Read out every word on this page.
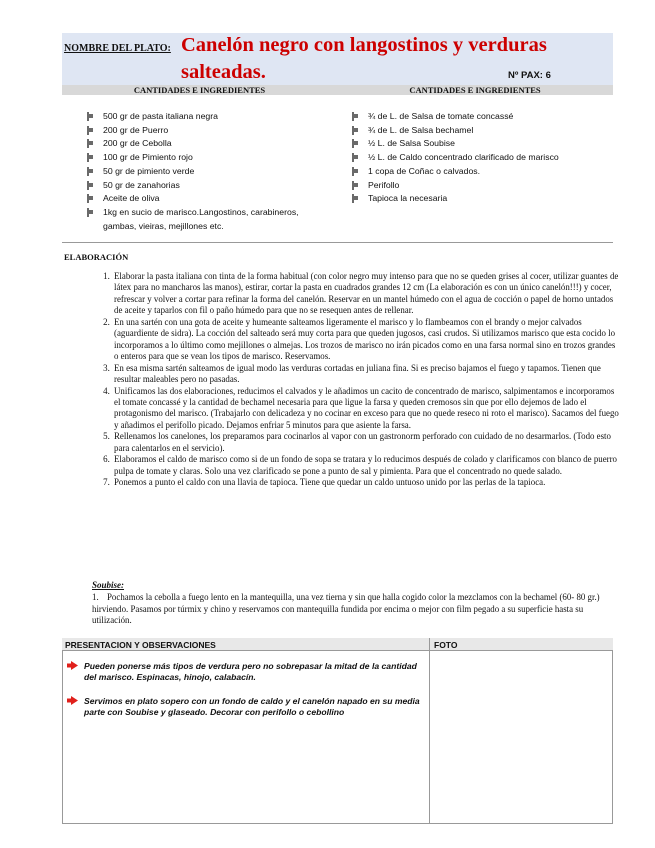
NOMBRE DEL PLATO: Canelón negro con langostinos y verduras salteadas.	Nº PAX: 6
CANTIDADES E INGREDIENTES	CANTIDADES E INGREDIENTES
500 gr de pasta italiana negra
200 gr de Puerro
200 gr de Cebolla
100 gr de Pimiento rojo
50 gr de pimiento verde
50 gr de zanahorias
Aceite de oliva
1kg en sucio de marisco.Langostinos, carabineros, gambas, vieiras, mejillones etc.
¾ de L. de Salsa de tomate concassé
¾ de L. de Salsa bechamel
½ L. de Salsa Soubise
½ L. de Caldo concentrado clarificado de marisco
1 copa de Coñac o calvados.
Perifollo
Tapioca la necesaria
ELABORACIÓN
1. Elaborar la pasta italiana con tinta de la forma habitual (con color negro muy intenso para que no se queden grises al cocer, utilizar guantes de látex para no mancharos las manos), estirar, cortar la pasta en cuadrados grandes 12 cm (La elaboración es con un único canelón!!!) y cocer, refrescar y volver a cortar para refinar la forma del canelón. Reservar en un mantel húmedo con el agua de cocción o papel de horno untados de aceite y taparlos con fil o paño húmedo para que no se resequen antes de rellenar.
2. En una sartén con una gota de aceite y humeante salteamos ligeramente el marisco y lo flambeamos con el brandy o mejor calvados (aguardiente de sidra). La cocción del salteado será muy corta para que queden jugosos, casi crudos. Si utilizamos marisco que esta cocido lo incorporamos a lo último como mejillones o almejas. Los trozos de marisco no irán picados como en una farsa normal sino en trozos grandes o enteros para que se vean los tipos de marisco. Reservamos.
3. En esa misma sartén salteamos de igual modo las verduras cortadas en juliana fina. Si es preciso bajamos el fuego y tapamos. Tienen que resultar maleables pero no pasadas.
4. Unificamos las dos elaboraciones, reducimos el calvados y le añadimos un cacito de concentrado de marisco, salpimentamos e incorporamos el tomate concassé y la cantidad de bechamel necesaria para que ligue la farsa y queden cremosos sin que por ello dejemos de lado el protagonismo del marisco. (Trabajarlo con delicadeza y no cocinar en exceso para que no quede reseco ni roto el marisco). Sacamos del fuego y añadimos el perifollo picado. Dejamos enfriar 5 minutos para que asiente la farsa.
5. Rellenamos los canelones, los preparamos para cocinarlos al vapor con un gastronorm perforado con cuidado de no desarmarlos. (Todo esto para calentarlos en el servicio).
6. Elaboramos el caldo de marisco como si de un fondo de sopa se tratara y lo reducimos después de colado y clarificamos con blanco de puerro pulpa de tomate y claras. Solo una vez clarificado se pone a punto de sal y pimienta. Para que el concentrado no quede salado.
7. Ponemos a punto el caldo con una llavia de tapioca. Tiene que quedar un caldo untuoso unido por las perlas de la tapioca.
Soubise:
1. Pochamos la cebolla a fuego lento en la mantequilla, una vez tierna y sin que halla cogido color la mezclamos con la bechamel (60- 80 gr.) hirviendo. Pasamos por túrmix y chino y reservamos con mantequilla fundida por encima o mejor con film pegado a su superficie hasta su utilización.
PRESENTACION Y OBSERVACIONES	FOTO
Pueden ponerse más tipos de verdura pero no sobrepasar la mitad de la cantidad del marisco. Espinacas, hinojo, calabacín.
Servimos en plato sopero con un fondo de caldo y el canelón napado en su media parte con Soubise y glaseado. Decorar con perifollo o cebollino
